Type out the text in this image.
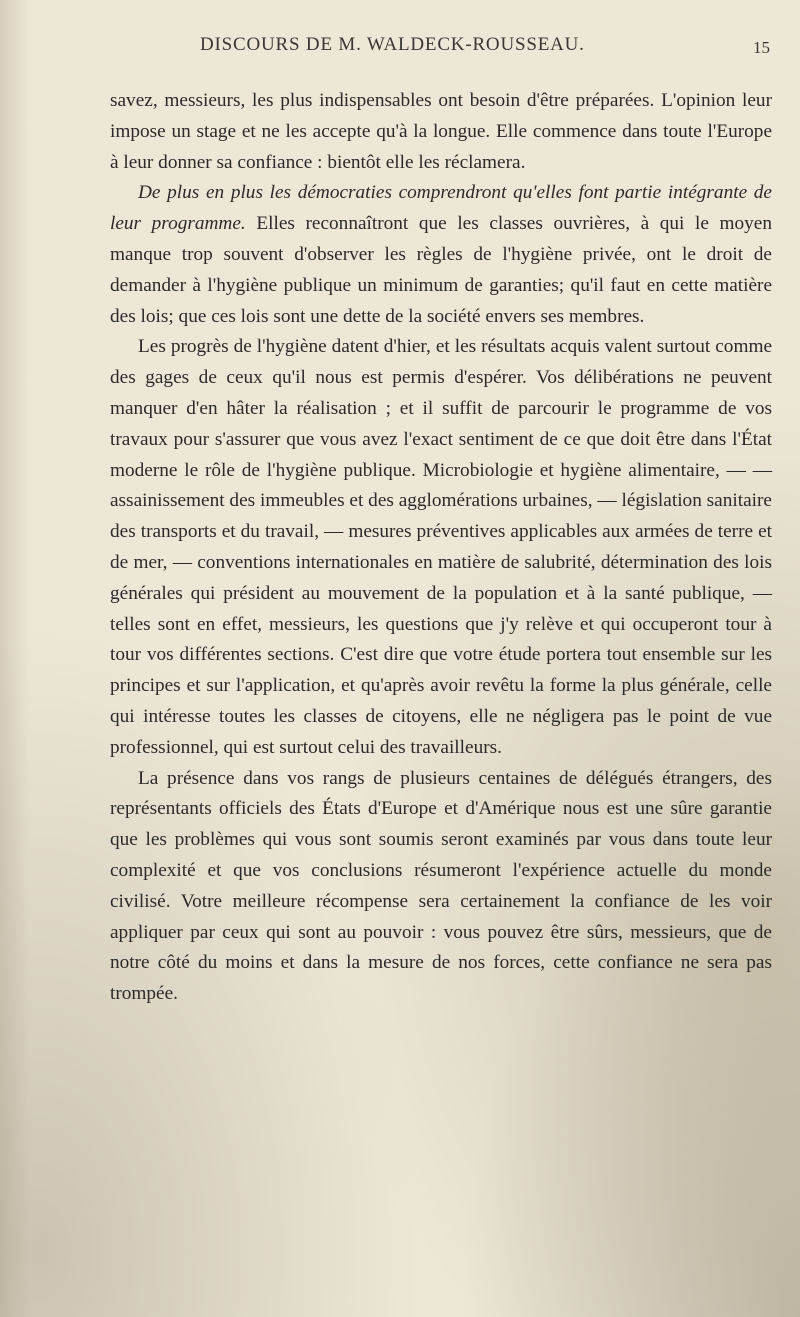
DISCOURS DE M. WALDECK-ROUSSEAU.	15

savez, messieurs, les plus indispensables ont besoin d'être préparées. L'opinion leur impose un stage et ne les accepte qu'à la longue. Elle commence dans toute l'Europe à leur donner sa confiance : bientôt elle les réclamera.

De plus en plus les démocraties comprendront qu'elles font partie intégrante de leur programme. Elles reconnaîtront que les classes ouvrières, à qui le moyen manque trop souvent d'observer les règles de l'hygiène privée, ont le droit de demander à l'hygiène publique un minimum de garanties; qu'il faut en cette matière des lois; que ces lois sont une dette de la société envers ses membres.

Les progrès de l'hygiène datent d'hier, et les résultats acquis valent surtout comme des gages de ceux qu'il nous est permis d'espérer. Vos délibérations ne peuvent manquer d'en hâter la réalisation ; et il suffit de parcourir le programme de vos travaux pour s'assurer que vous avez l'exact sentiment de ce que doit être dans l'État moderne le rôle de l'hygiène publique. Microbiologie et hygiène alimentaire, — — assainissement des immeubles et des agglomérations urbaines, — législation sanitaire des transports et du travail, — mesures préventives applicables aux armées de terre et de mer, — conventions internationales en matière de salubrité, détermination des lois générales qui président au mouvement de la population et à la santé publique, — telles sont en effet, messieurs, les questions que j'y relève et qui occuperont tour à tour vos différentes sections. C'est dire que votre étude portera tout ensemble sur les principes et sur l'application, et qu'après avoir revêtu la forme la plus générale, celle qui intéresse toutes les classes de citoyens, elle ne négligera pas le point de vue professionnel, qui est surtout celui des travailleurs.

La présence dans vos rangs de plusieurs centaines de délégués étrangers, des représentants officiels des États d'Europe et d'Amérique nous est une sûre garantie que les problèmes qui vous sont soumis seront examinés par vous dans toute leur complexité et que vos conclusions résumeront l'expérience actuelle du monde civilisé. Votre meilleure récompense sera certainement la confiance de les voir appliquer par ceux qui sont au pouvoir : vous pouvez être sûrs, messieurs, que de notre côté du moins et dans la mesure de nos forces, cette confiance ne sera pas trompée.
